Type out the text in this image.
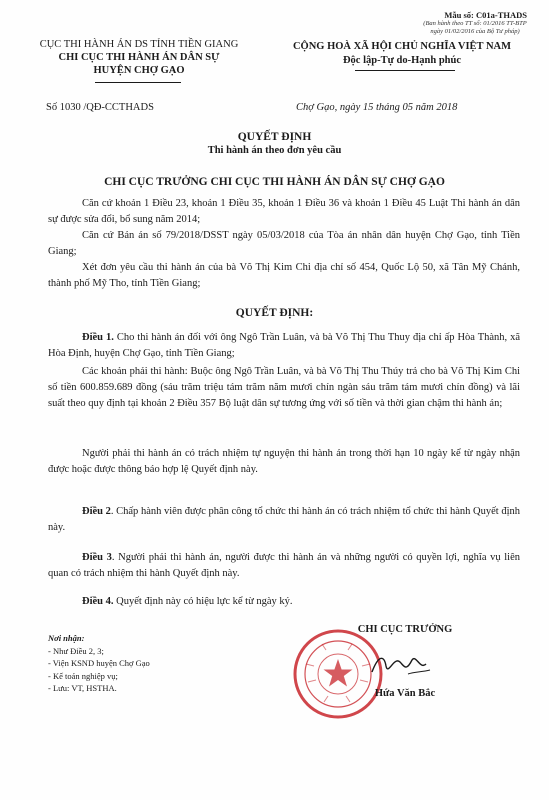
Mẫu số: C01a-THADS
(Ban hành theo TT số: 01/2016 TT-BTP
ngày 01/02/2016 của Bộ Tư pháp)
CỤC THI HÀNH ÁN DS TỈNH TIỀN GIANG
CHI CỤC THI HÀNH ÁN DÂN SỰ
HUYỆN CHỢ GẠO
CỘNG HOÀ XÃ HỘI CHỦ NGHĨA VIỆT NAM
Độc lập-Tự do-Hạnh phúc
Số 1030 /QĐ-CCTHADS	Chợ Gạo, ngày 15 tháng 05 năm 2018
QUYẾT ĐỊNH
Thi hành án theo đơn yêu cầu
CHI CỤC TRƯỞNG CHI CỤC THI HÀNH ÁN DÂN SỰ CHỢ GẠO
Căn cứ khoản 1 Điều 23, khoản 1 Điều 35, khoản 1 Điều 36 và khoản 1 Điều 45 Luật Thi hành án dân sự được sửa đổi, bổ sung năm 2014;
Căn cứ Bản án số 79/2018/DSST ngày 05/03/2018 của Tòa án nhân dân huyện Chợ Gạo, tỉnh Tiền Giang;
Xét đơn yêu cầu thi hành án của bà Võ Thị Kim Chi địa chỉ số 454, Quốc Lộ 50, xã Tân Mỹ Chánh, thành phố Mỹ Tho, tỉnh Tiền Giang;
QUYẾT ĐỊNH:
Điều 1. Cho thi hành án đối với ông Ngô Trần Luân, và bà Võ Thị Thu Thuy địa chỉ ấp Hòa Thành, xã Hòa Định, huyện Chợ Gạo, tỉnh Tiền Giang;
Các khoản phải thi hành: Buộc ông Ngô Trần Luân, và bà Võ Thị Thu Thúy trả cho bà Võ Thị Kim Chi số tiền 600.859.689 đồng (sáu trăm triệu tám trăm năm mươi chín ngàn sáu trăm tám mươi chín đồng) và lãi suất theo quy định tại khoản 2 Điều 357 Bộ luật dân sự tương ứng với số tiền và thời gian chậm thi hành án;
Người phải thi hành án có trách nhiệm tự nguyện thi hành án trong thời hạn 10 ngày kể từ ngày nhận được hoặc được thông báo hợp lệ Quyết định này.
Điều 2. Chấp hành viên được phân công tổ chức thi hành án có trách nhiệm tổ chức thi hành Quyết định này.
Điều 3. Người phải thi hành án, người được thi hành án và những người có quyền lợi, nghĩa vụ liên quan có trách nhiệm thi hành Quyết định này.
Điều 4. Quyết định này có hiệu lực kể từ ngày ký.
Nơi nhận:
- Như Điều 2, 3;
- Viện KSND huyện Chợ Gạo
- Kế toán nghiệp vụ;
- Lưu: VT, HSTHA.
CHI CỤC TRƯỞNG
Hứa Văn Bắc
